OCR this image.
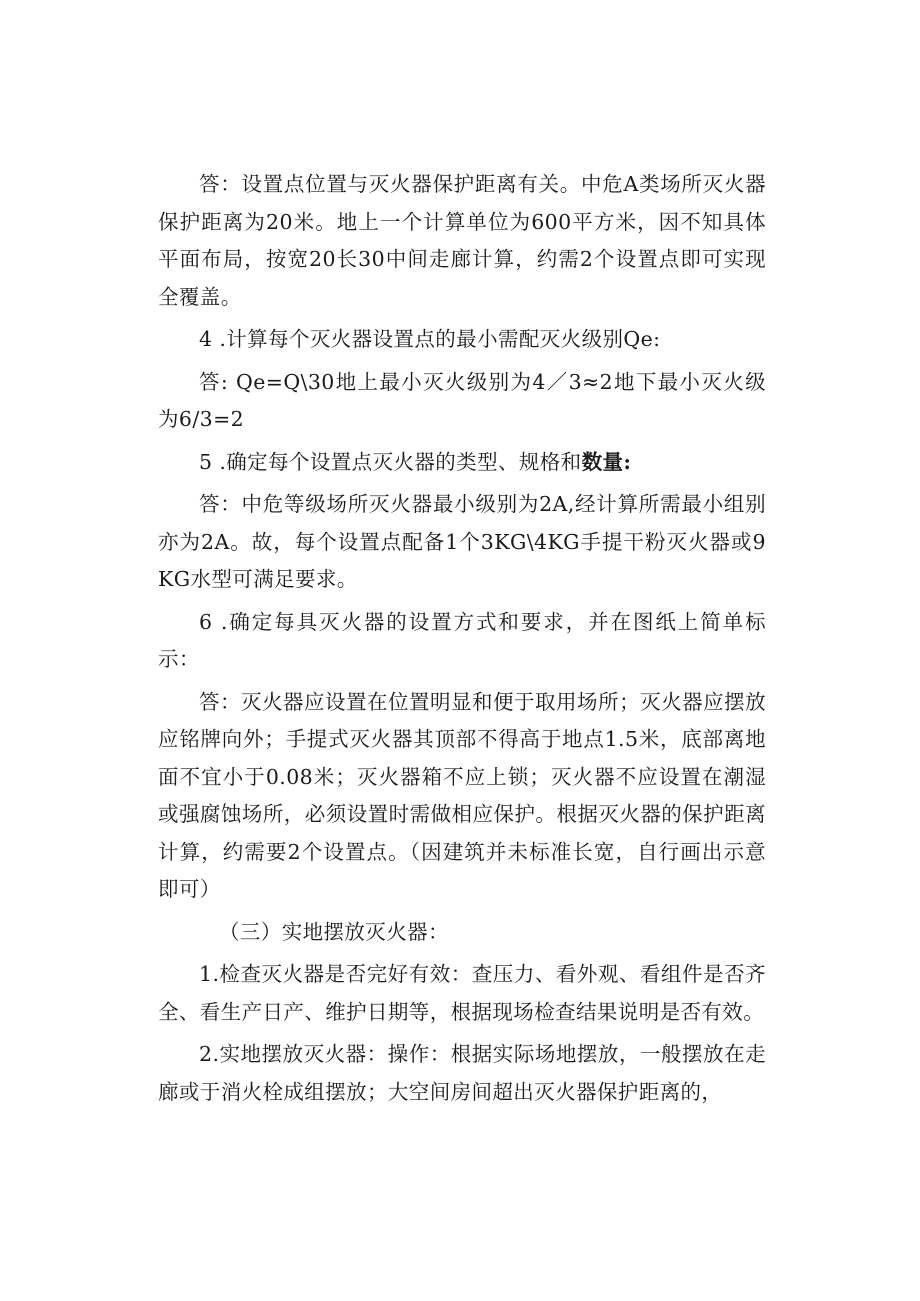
答：设置点位置与灭火器保护距离有关。中危A类场所灭火器保护距离为20米。地上一个计算单位为600平方米，因不知具体平面布局，按宽20长30中间走廊计算，约需2个设置点即可实现全覆盖。

4 .计算每个灭火器设置点的最小需配灭火级别Qe:

答: Qe=Q\30地上最小灭火级别为4／3≈2地下最小灭火级为6/3=2

5 .确定每个设置点灭火器的类型、规格和数量:

答：中危等级场所灭火器最小级别为2A,经计算所需最小组别亦为2A。故，每个设置点配备1个3KG\4KG手提干粉灭火器或9KG水型可满足要求。

6 .确定每具灭火器的设置方式和要求，并在图纸上简单标示：

答：灭火器应设置在位置明显和便于取用场所；灭火器应摆放应铭牌向外；手提式灭火器其顶部不得高于地点1.5米，底部离地面不宜小于0.08米；灭火器箱不应上锁；灭火器不应设置在潮湿或强腐蚀场所，必须设置时需做相应保护。根据灭火器的保护距离计算，约需要2个设置点。（因建筑并未标准长宽，自行画出示意即可）

（三）实地摆放灭火器：

1.检查灭火器是否完好有效：查压力、看外观、看组件是否齐全、看生产日产、维护日期等，根据现场检查结果说明是否有效。

2.实地摆放灭火器：操作：根据实际场地摆放，一般摆放在走廊或于消火栓成组摆放；大空间房间超出灭火器保护距离的，
